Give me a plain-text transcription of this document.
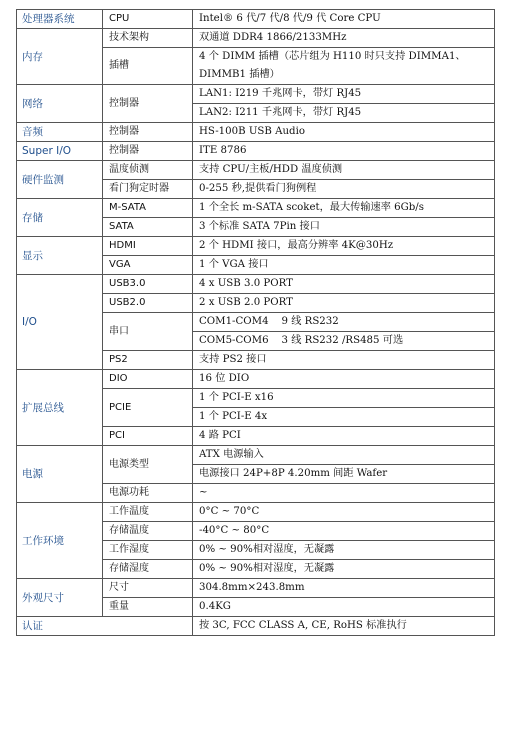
处理器系统	CPU	Intel® 6 代/7 代/8 代/9 代 Core CPU
内存	技术架构	双通道 DDR4 1866/2133MHz
	插槽	4 个 DIMM 插槽（芯片组为 H110 时只支持 DIMMA1、DIMMB1 插槽）
网络	控制器	LAN1: I219 千兆网卡，带灯 RJ45
		LAN2: I211 千兆网卡，带灯 RJ45
音频	控制器	HS-100B USB Audio
Super I/O	控制器	ITE 8786
硬件监测	温度侦测	支持 CPU/主板/HDD 温度侦测
	看门狗定时器	0-255 秒,提供看门狗例程
存储	M-SATA	1 个全长 m-SATA scoket，最大传输速率 6Gb/s
	SATA	3 个标准 SATA 7Pin 接口
显示	HDMI	2 个 HDMI 接口，最高分辨率 4K@30Hz
	VGA	1 个 VGA 接口
I/O	USB3.0	4 x USB 3.0 PORT
	USB2.0	2 x USB 2.0 PORT
	串口	COM1-COM4    9 线 RS232
		COM5-COM6    3 线 RS232 /RS485 可选
	PS2	支持 PS2 接口
扩展总线	DIO	16 位 DIO
	PCIE	1 个 PCI-E x16
		1 个 PCI-E 4x
	PCI	4 路 PCI
电源	电源类型	ATX 电源输入
		电源接口 24P+8P 4.20mm 间距 Wafer
	电源功耗	~
工作环境	工作温度	0°C ~ 70°C
	存储温度	-40°C ~ 80°C
	工作湿度	0% ~ 90%相对湿度，无凝露
	存储湿度	0% ~ 90%相对湿度，无凝露
外观尺寸	尺寸	304.8mm×243.8mm
	重量	0.4KG
认证		按 3C, FCC CLASS A, CE, RoHS 标准执行
